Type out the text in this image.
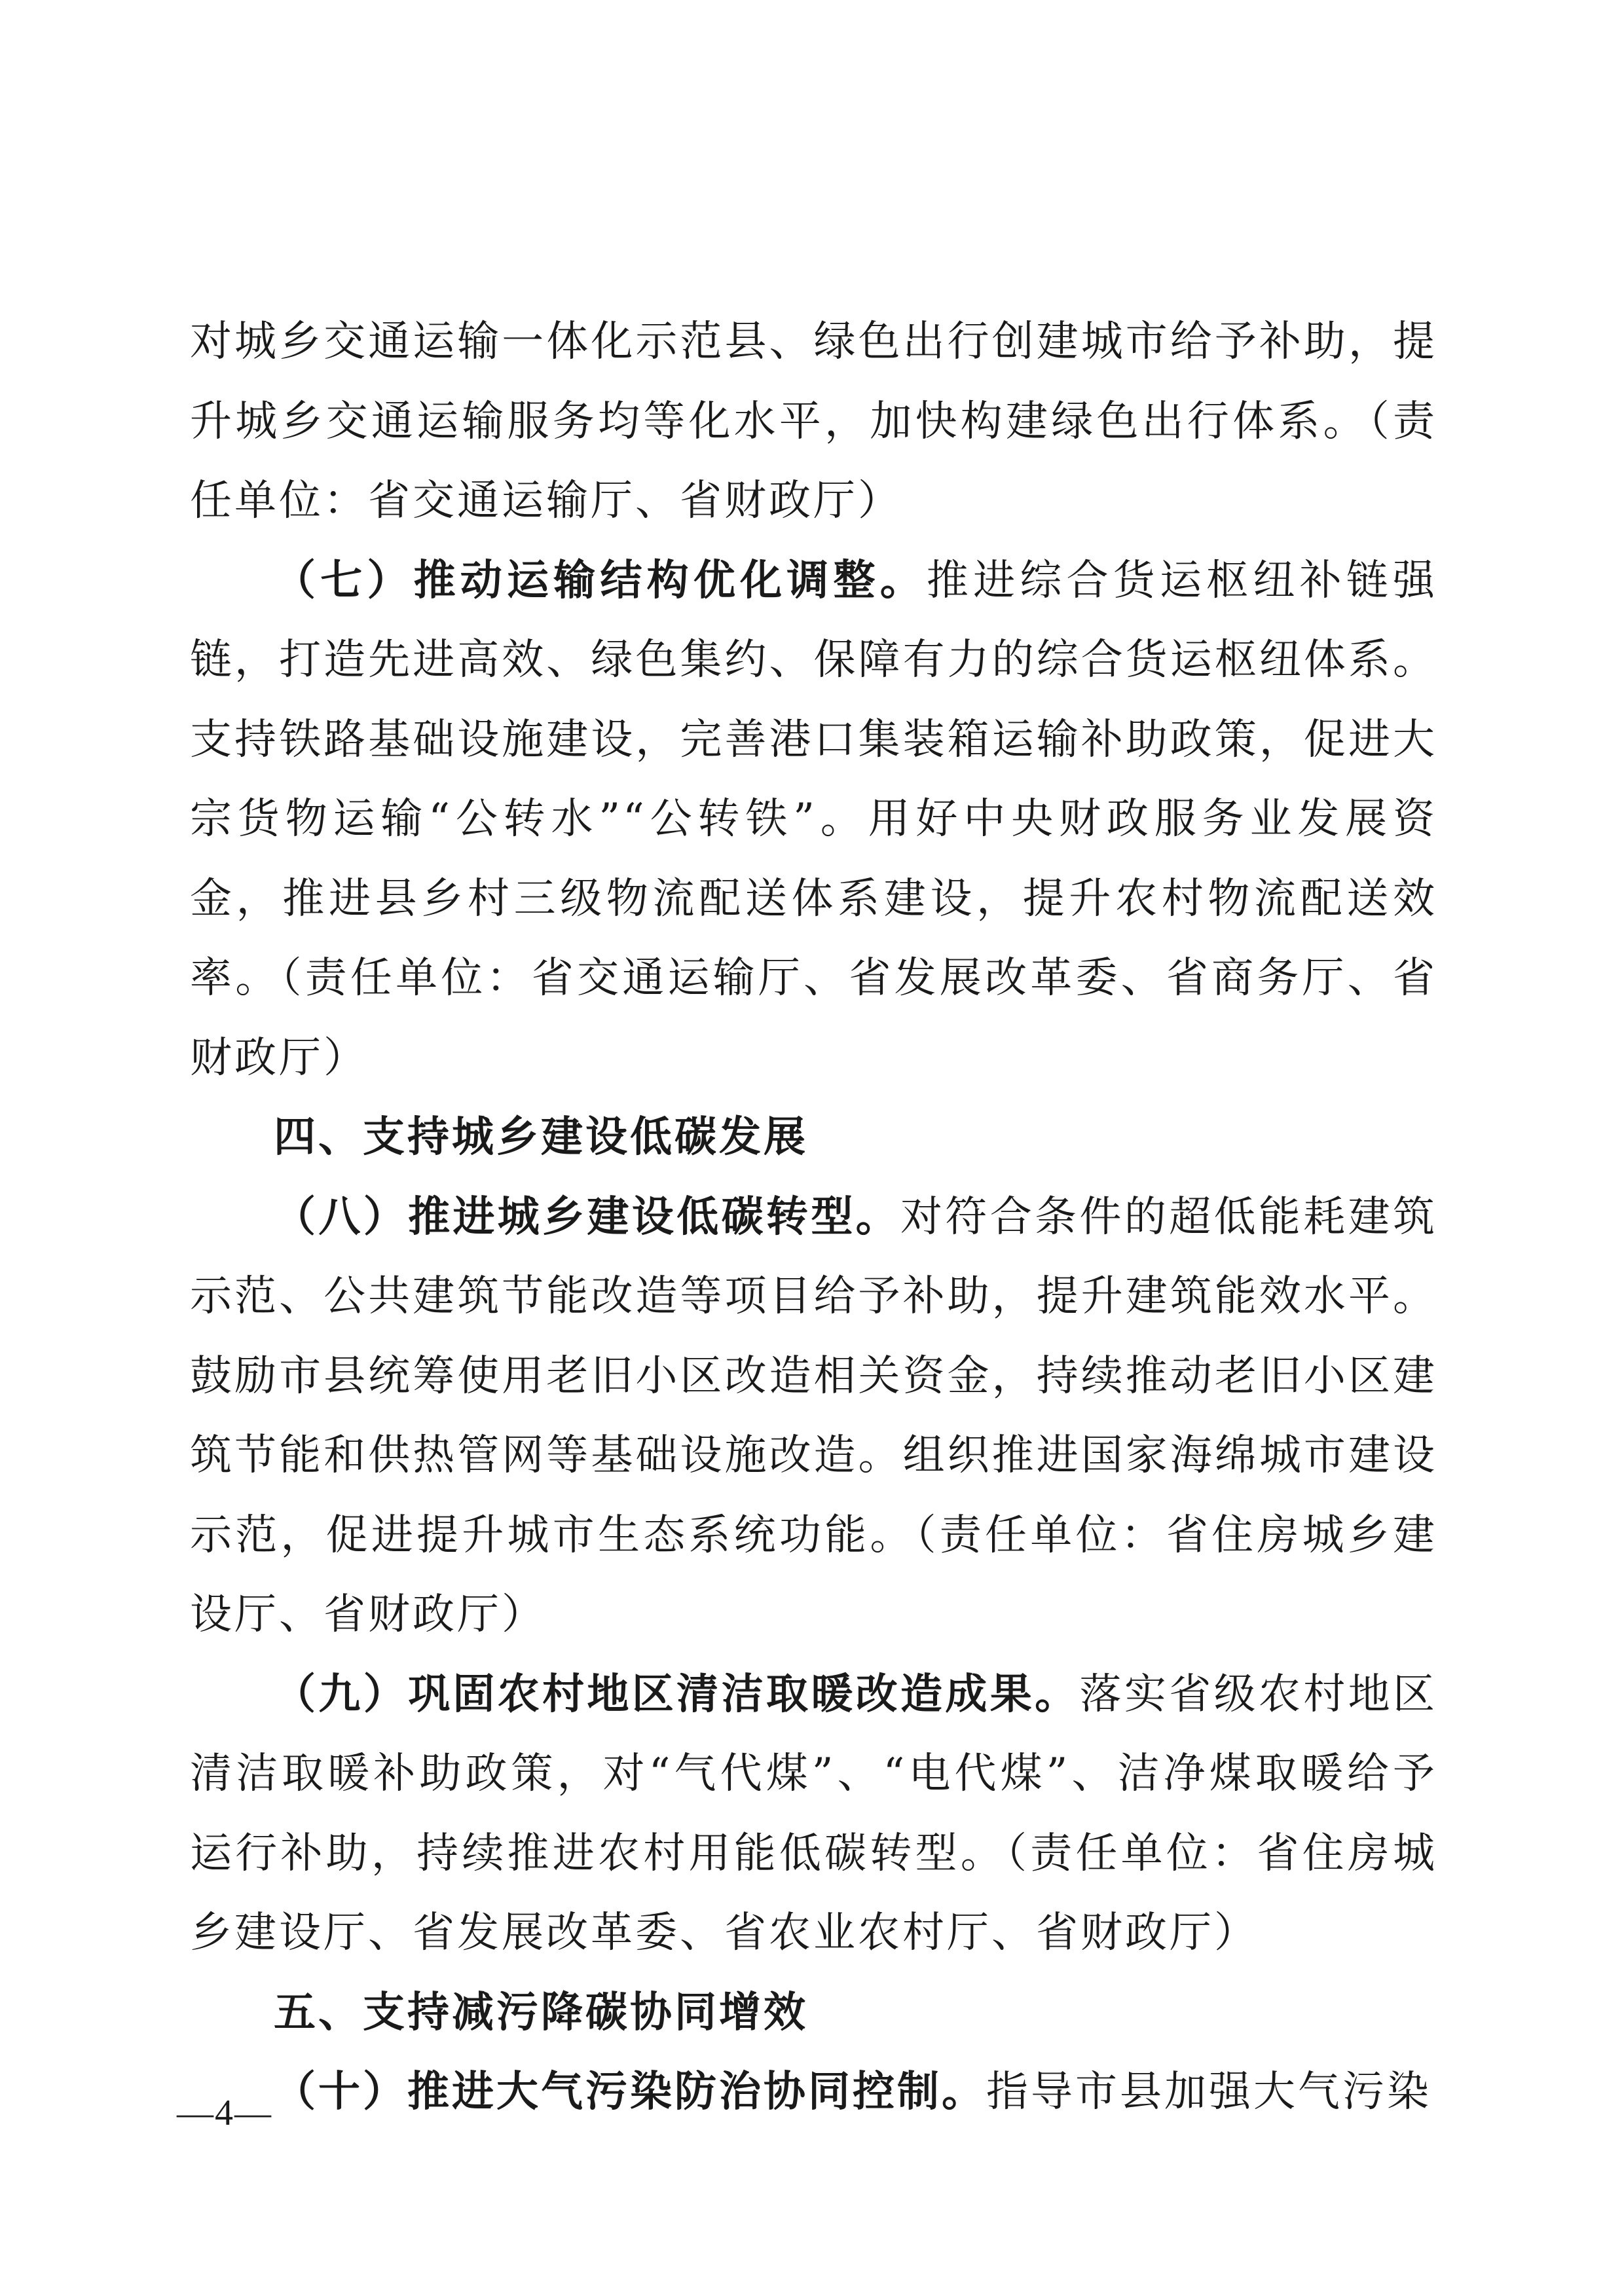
对城乡交通运输一体化示范县、绿色出行创建城市给予补助，提升城乡交通运输服务均等化水平，加快构建绿色出行体系。（责任单位：省交通运输厅、省财政厅）

（七）推动运输结构优化调整。推进综合货运枢纽补链强链，打造先进高效、绿色集约、保障有力的综合货运枢纽体系。支持铁路基础设施建设，完善港口集装箱运输补助政策，促进大宗货物运输“公转水”“公转铁”。用好中央财政服务业发展资金，推进县乡村三级物流配送体系建设，提升农村物流配送效率。（责任单位：省交通运输厅、省发展改革委、省商务厅、省财政厅）

四、支持城乡建设低碳发展

（八）推进城乡建设低碳转型。对符合条件的超低能耗建筑示范、公共建筑节能改造等项目给予补助，提升建筑能效水平。鼓励市县统筹使用老旧小区改造相关资金，持续推动老旧小区建筑节能和供热管网等基础设施改造。组织推进国家海绵城市建设示范，促进提升城市生态系统功能。（责任单位：省住房城乡建设厅、省财政厅）

（九）巩固农村地区清洁取暖改造成果。落实省级农村地区清洁取暖补助政策，对“气代煤”、“电代煤”、洁净煤取暖给予运行补助，持续推进农村用能低碳转型。（责任单位：省住房城乡建设厅、省发展改革委、省农业农村厅、省财政厅）

五、支持减污降碳协同增效

（十）推进大气污染防治协同控制。指导市县加强大气污染

—4—
